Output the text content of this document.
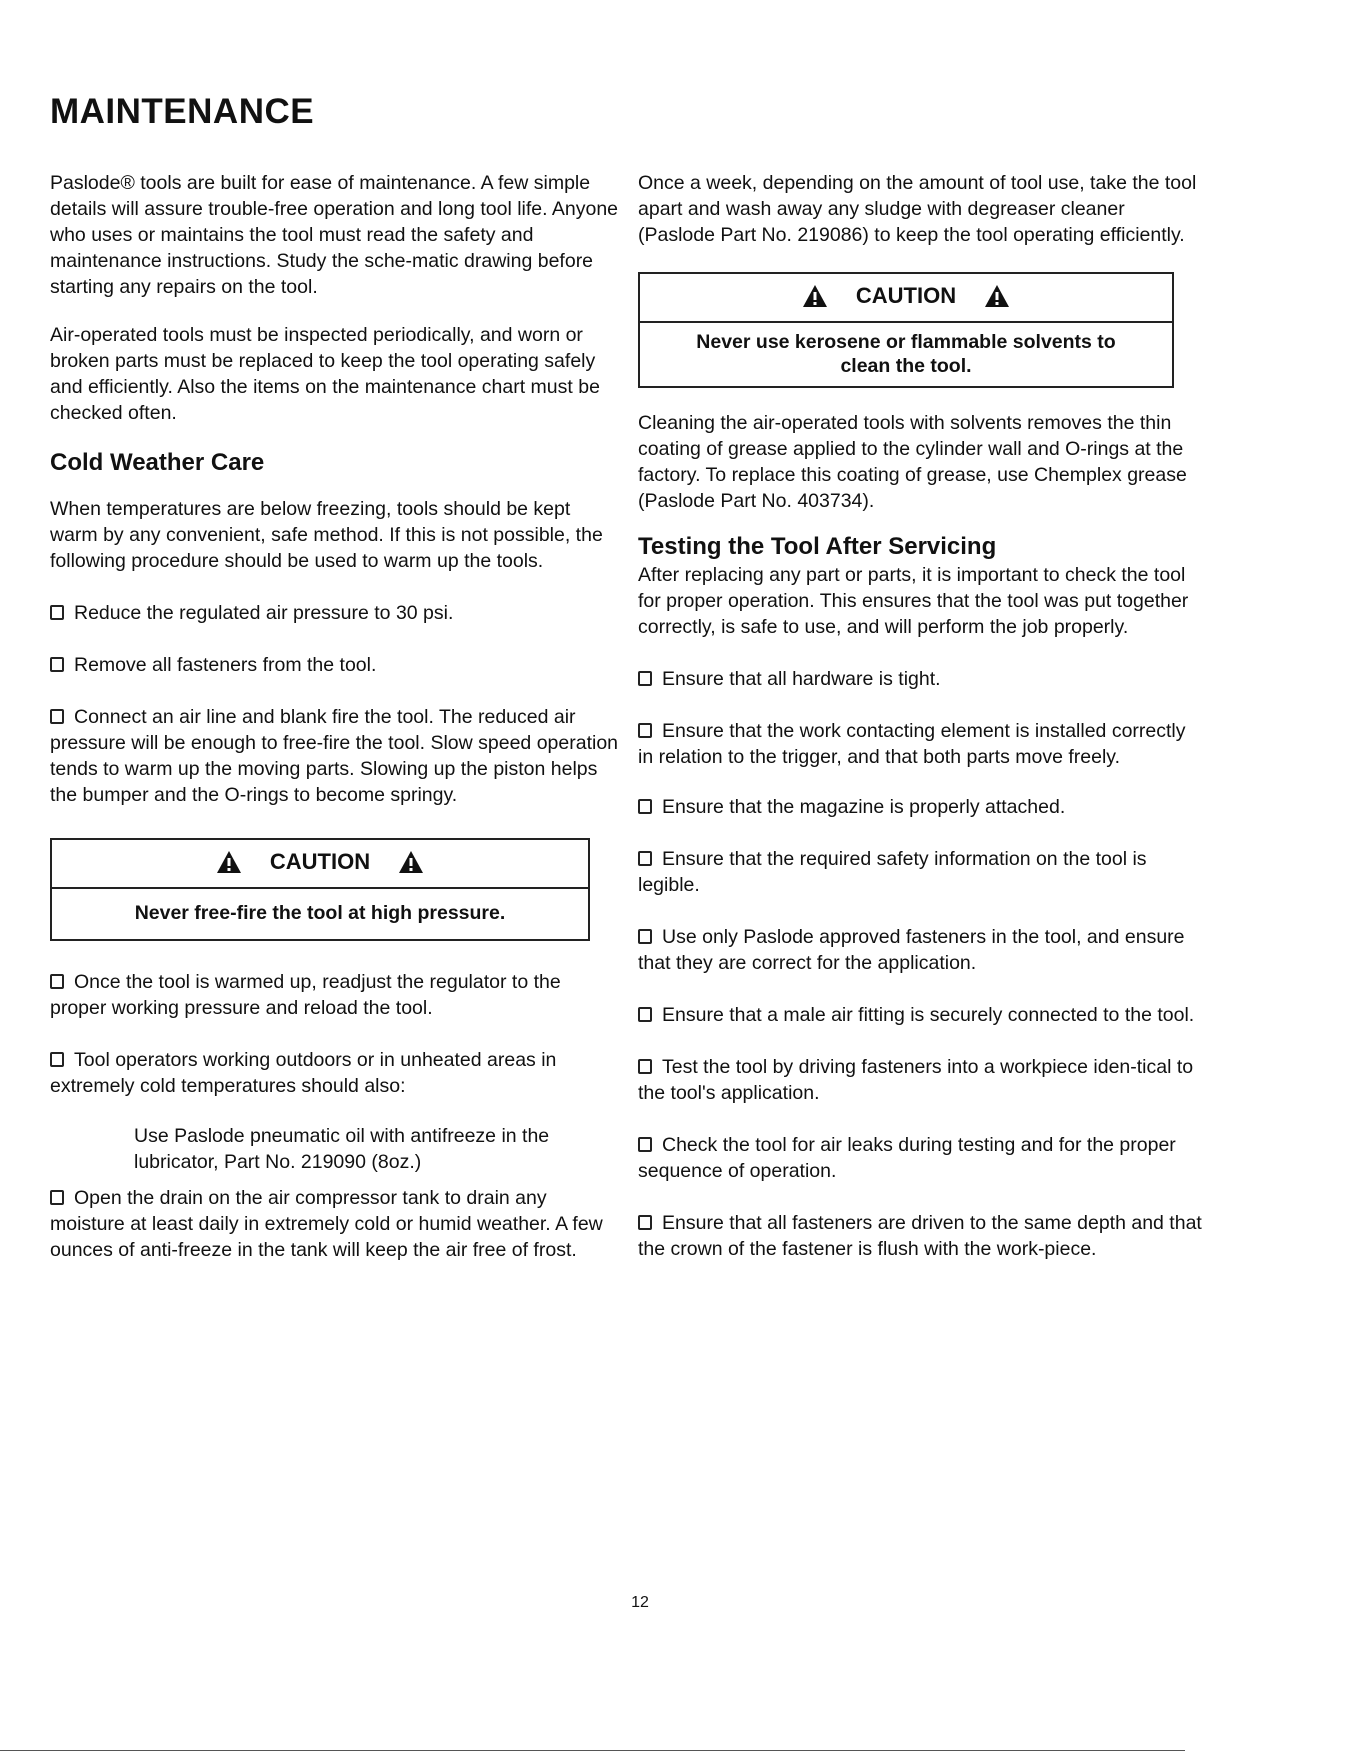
MAINTENANCE

Paslode® tools are built for ease of maintenance. A few simple details will assure trouble-free operation and long tool life. Anyone who uses or maintains the tool must read the safety and maintenance instructions. Study the sche-matic drawing before starting any repairs on the tool.

Air-operated tools must be inspected periodically, and worn or broken parts must be replaced to keep the tool operating safely and efficiently. Also the items on the maintenance chart must be checked often.

Cold Weather Care

When temperatures are below freezing, tools should be kept warm by any convenient, safe method. If this is not possible, the following procedure should be used to warm up the tools.

Reduce the regulated air pressure to 30 psi.
Remove all fasteners from the tool.
Connect an air line and blank fire the tool. The reduced air pressure will be enough to free-fire the tool. Slow speed operation tends to warm up the moving parts. Slowing up the piston helps the bumper and the O-rings to become springy.
CAUTION
Never free-fire the tool at high pressure.
Once the tool is warmed up, readjust the regulator to the proper working pressure and reload the tool.
Tool operators working outdoors or in unheated areas in extremely cold temperatures should also:
Use Paslode pneumatic oil with antifreeze in the lubricator, Part No. 219090 (8oz.)
Open the drain on the air compressor tank to drain any moisture at least daily in extremely cold or humid weather. A few ounces of anti-freeze in the tank will keep the air free of frost.

Once a week, depending on the amount of tool use, take the tool apart and wash away any sludge with degreaser cleaner (Paslode Part No. 219086) to keep the tool operating efficiently.

CAUTION
Never use kerosene or flammable solvents to clean the tool.

Cleaning the air-operated tools with solvents removes the thin coating of grease applied to the cylinder wall and O-rings at the factory. To replace this coating of grease, use Chemplex grease (Paslode Part No. 403734).

Testing the Tool After Servicing

After replacing any part or parts, it is important to check the tool for proper operation. This ensures that the tool was put together correctly, is safe to use, and will perform the job properly.

Ensure that all hardware is tight.
Ensure that the work contacting element is installed correctly in relation to the trigger, and that both parts move freely.
Ensure that the magazine is properly attached.
Ensure that the required safety information on the tool is legible.
Use only Paslode approved fasteners in the tool, and ensure that they are correct for the application.
Ensure that a male air fitting is securely connected to the tool.
Test the tool by driving fasteners into a workpiece iden-tical to the tool's application.
Check the tool for air leaks during testing and for the proper sequence of operation.
Ensure that all fasteners are driven to the same depth and that the crown of the fastener is flush with the work-piece.
12
